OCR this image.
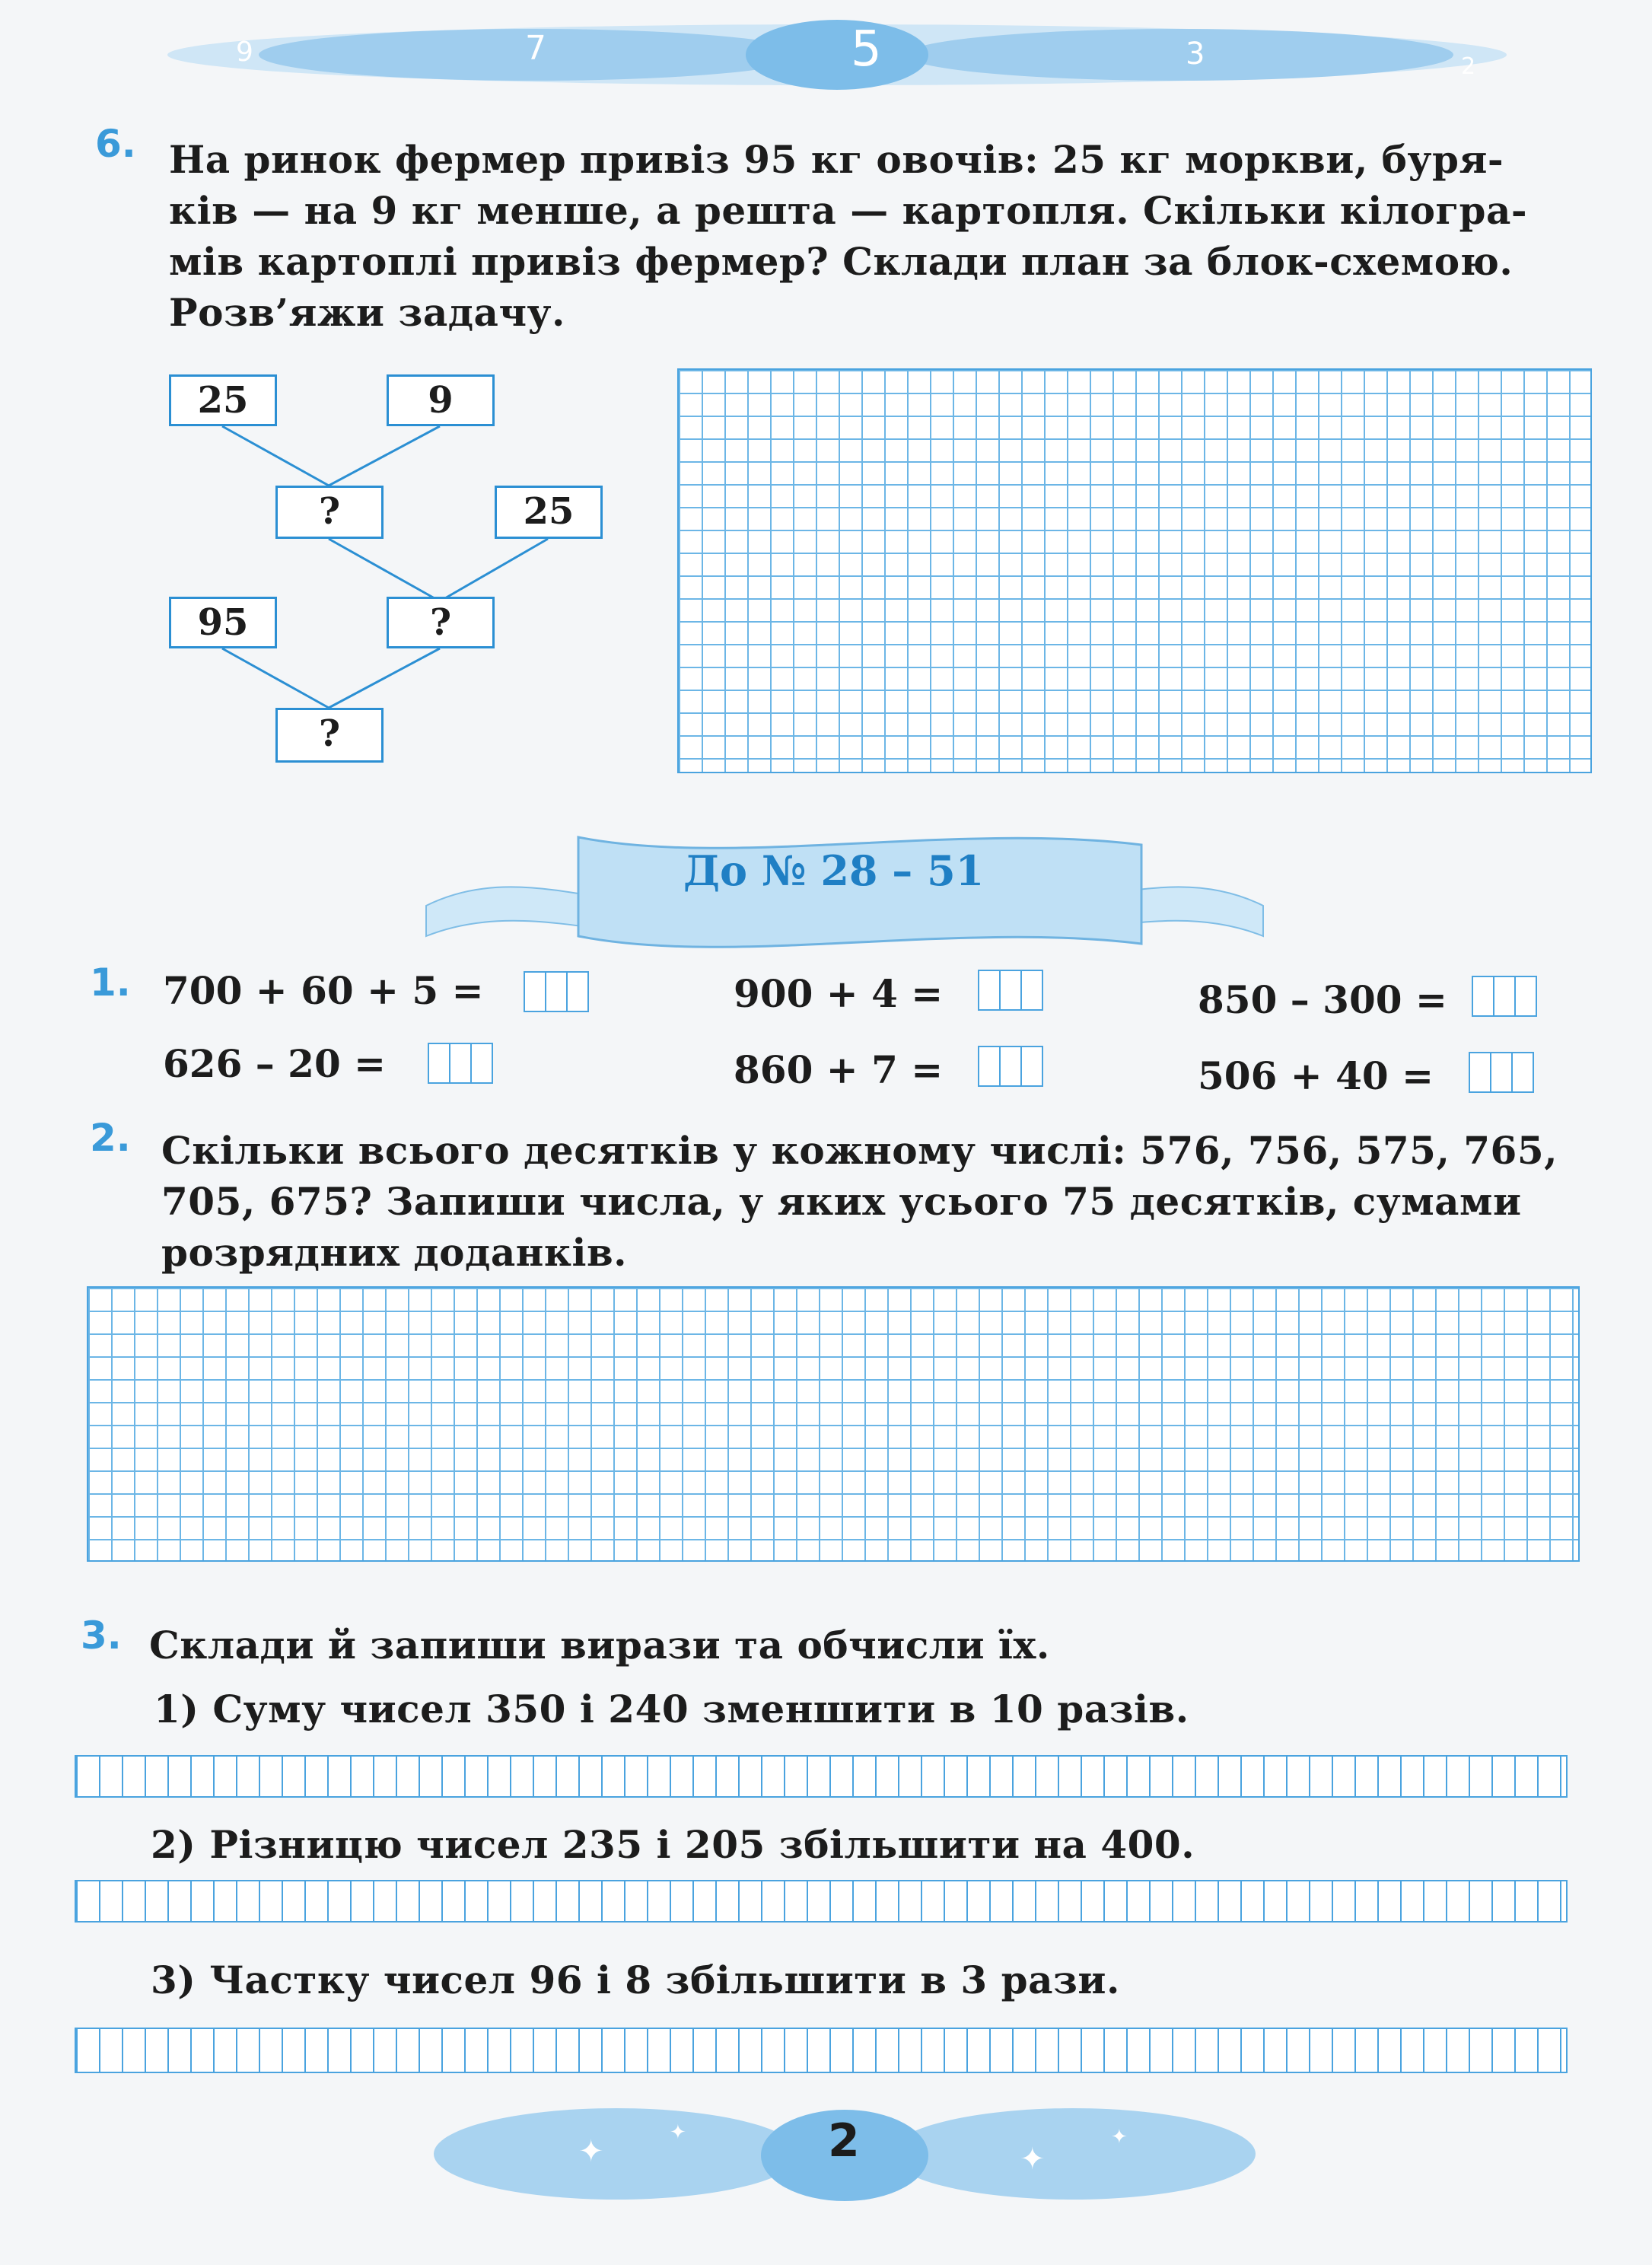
9	7	5	3	2
6. На ринок фермер привіз 95 кг овочів: 25 кг моркви, буря-
ків — на 9 кг менше, а решта — картопля. Скільки кілогра-
мів картоплі привіз фермер? Склади план за блок-схемою.
Розв’яжи задачу.
25	9
?	25
95	?
?
До № 28 – 51
1. 700 + 60 + 5 =	900 + 4 =	850 – 300 =
626 – 20 =	860 + 7 =	506 + 40 =
2. Скільки всього десятків у кожному числі: 576, 756, 575, 765,
705, 675? Запиши числа, у яких усього 75 десятків, сумами
розрядних доданків.
3. Склади й запиши вирази та обчисли їх.
1) Суму чисел 350 і 240 зменшити в 10 разів.
2) Різницю чисел 235 і 205 збільшити на 400.
3) Частку чисел 96 і 8 збільшити в 3 рази.
✦
✦
✦
✦
2
